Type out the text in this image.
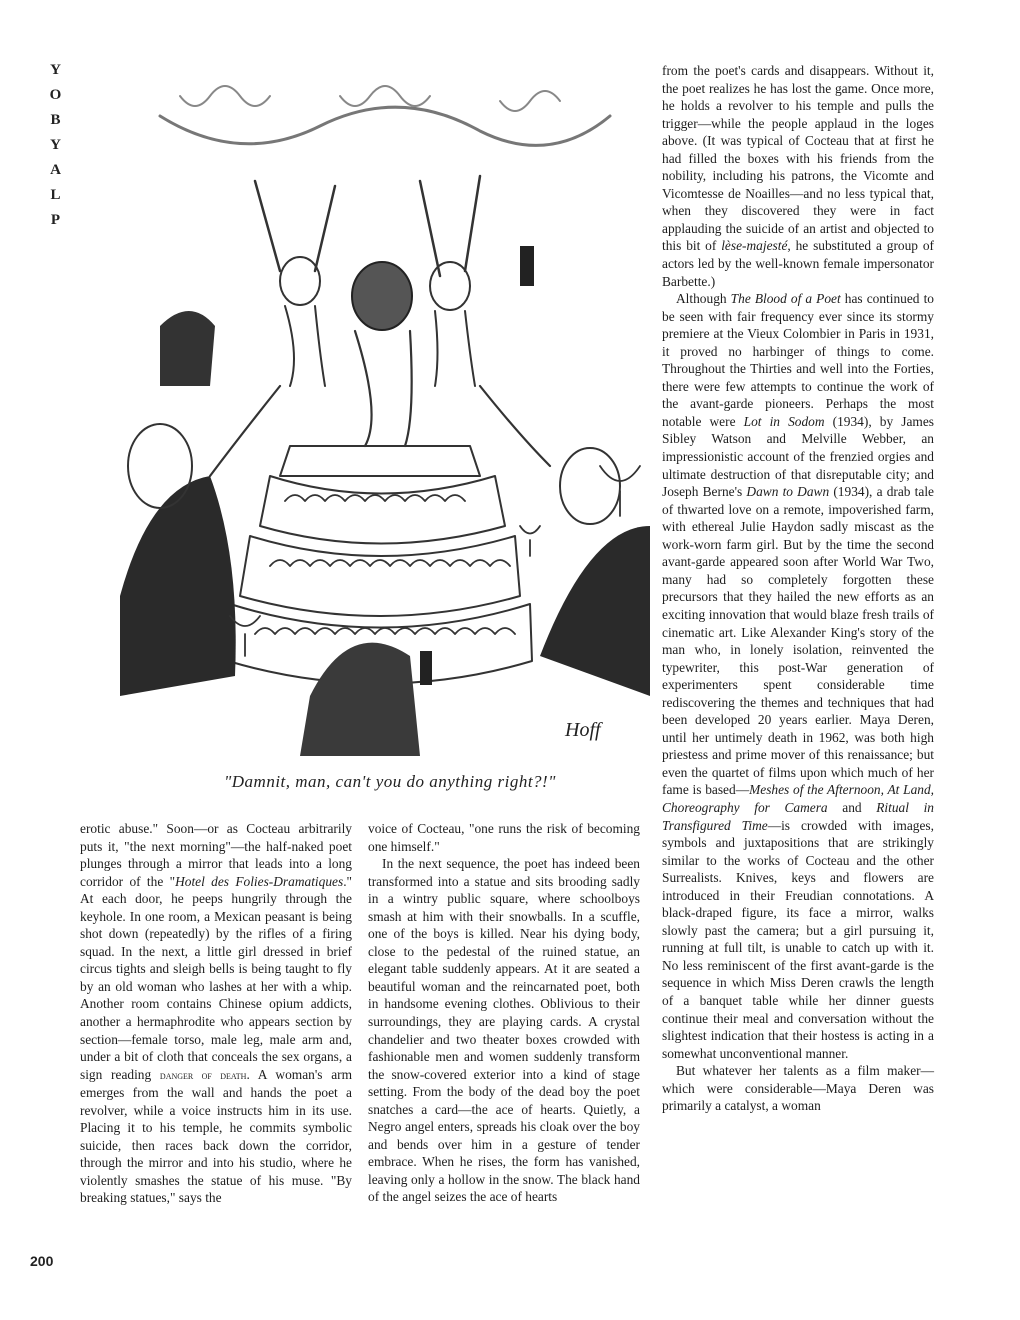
Y
O
B
Y
A
L
P
Hoff
"Damnit, man, can't you do anything right?!"

erotic abuse." Soon—or as Cocteau arbitrarily puts it, "the next morning"—the half-naked poet plunges through a mirror that leads into a long corridor of the "Hotel des Folies-Dramatiques." At each door, he peeps hungrily through the keyhole. In one room, a Mexican peasant is being shot down (repeatedly) by the rifles of a firing squad. In the next, a little girl dressed in brief circus tights and sleigh bells is being taught to fly by an old woman who lashes at her with a whip. Another room contains Chinese opium addicts, another a hermaphrodite who appears section by section—female torso, male leg, male arm and, under a bit of cloth that conceals the sex organs, a sign reading danger of death. A woman's arm emerges from the wall and hands the poet a revolver, while a voice instructs him in its use. Placing it to his temple, he commits symbolic suicide, then races back down the corridor, through the mirror and into his studio, where he violently smashes the statue of his muse. "By breaking statues," says the

voice of Cocteau, "one runs the risk of becoming one himself."

In the next sequence, the poet has indeed been transformed into a statue and sits brooding sadly in a wintry public square, where schoolboys smash at him with their snowballs. In a scuffle, one of the boys is killed. Near his dying body, close to the pedestal of the ruined statue, an elegant table suddenly appears. At it are seated a beautiful woman and the reincarnated poet, both in handsome evening clothes. Oblivious to their surroundings, they are playing cards. A crystal chandelier and two theater boxes crowded with fashionable men and women suddenly transform the snow-covered exterior into a kind of stage setting. From the body of the dead boy the poet snatches a card—the ace of hearts. Quietly, a Negro angel enters, spreads his cloak over the boy and bends over him in a gesture of tender embrace. When he rises, the form has vanished, leaving only a hollow in the snow. The black hand of the angel seizes the ace of hearts

from the poet's cards and disappears. Without it, the poet realizes he has lost the game. Once more, he holds a revolver to his temple and pulls the trigger—while the people applaud in the loges above. (It was typical of Cocteau that at first he had filled the boxes with his friends from the nobility, including his patrons, the Vicomte and Vicomtesse de Noailles—and no less typical that, when they discovered they were in fact applauding the suicide of an artist and objected to this bit of lèse-majesté, he substituted a group of actors led by the well-known female impersonator Barbette.)

Although The Blood of a Poet has continued to be seen with fair frequency ever since its stormy premiere at the Vieux Colombier in Paris in 1931, it proved no harbinger of things to come. Throughout the Thirties and well into the Forties, there were few attempts to continue the work of the avant-garde pioneers. Perhaps the most notable were Lot in Sodom (1934), by James Sibley Watson and Melville Webber, an impressionistic account of the frenzied orgies and ultimate destruction of that disreputable city; and Joseph Berne's Dawn to Dawn (1934), a drab tale of thwarted love on a remote, impoverished farm, with ethereal Julie Haydon sadly miscast as the work-worn farm girl. But by the time the second avant-garde appeared soon after World War Two, many had so completely forgotten these precursors that they hailed the new efforts as an exciting innovation that would blaze fresh trails of cinematic art. Like Alexander King's story of the man who, in lonely isolation, reinvented the typewriter, this post-War generation of experimenters spent considerable time rediscovering the themes and techniques that had been developed 20 years earlier. Maya Deren, until her untimely death in 1962, was both high priestess and prime mover of this renaissance; but even the quartet of films upon which much of her fame is based—Meshes of the Afternoon, At Land, Choreography for Camera and Ritual in Transfigured Time—is crowded with images, symbols and juxtapositions that are strikingly similar to the works of Cocteau and the other Surrealists. Knives, keys and flowers are introduced in their Freudian connotations. A black-draped figure, its face a mirror, walks slowly past the camera; but a girl pursuing it, running at full tilt, is unable to catch up with it. No less reminiscent of the first avant-garde is the sequence in which Miss Deren crawls the length of a banquet table while her dinner guests continue their meal and conversation without the slightest indication that their hostess is acting in a somewhat unconventional manner.

But whatever her talents as a film maker—which were considerable—Maya Deren was primarily a catalyst, a woman

200
